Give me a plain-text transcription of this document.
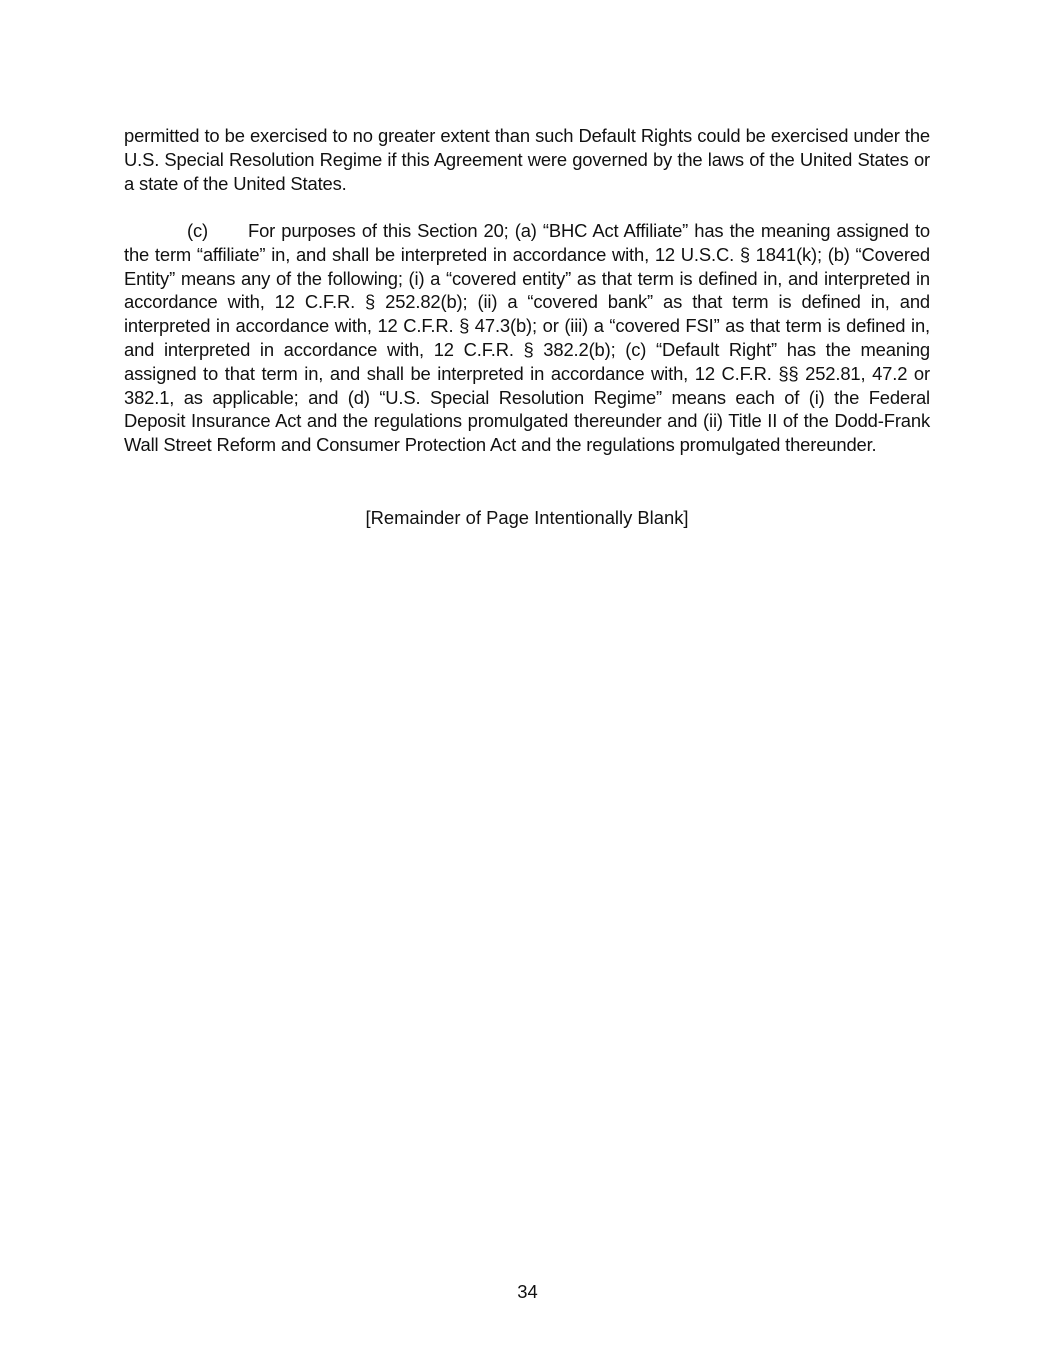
permitted to be exercised to no greater extent than such Default Rights could be exercised under the U.S. Special Resolution Regime if this Agreement were governed by the laws of the United States or a state of the United States.

(c) For purposes of this Section 20; (a) “BHC Act Affiliate” has the meaning assigned to the term “affiliate” in, and shall be interpreted in accordance with, 12 U.S.C. § 1841(k); (b) “Covered Entity” means any of the following; (i) a “covered entity” as that term is defined in, and interpreted in accordance with, 12 C.F.R. § 252.82(b); (ii) a “covered bank” as that term is defined in, and interpreted in accordance with, 12 C.F.R. § 47.3(b); or (iii) a “covered FSI” as that term is defined in, and interpreted in accordance with, 12 C.F.R. § 382.2(b); (c) “Default Right” has the meaning assigned to that term in, and shall be interpreted in accordance with, 12 C.F.R. §§ 252.81, 47.2 or 382.1, as applicable; and (d) “U.S. Special Resolution Regime” means each of (i) the Federal Deposit Insurance Act and the regulations promulgated thereunder and (ii) Title II of the Dodd-Frank Wall Street Reform and Consumer Protection Act and the regulations promulgated thereunder.

[Remainder of Page Intentionally Blank]

34
